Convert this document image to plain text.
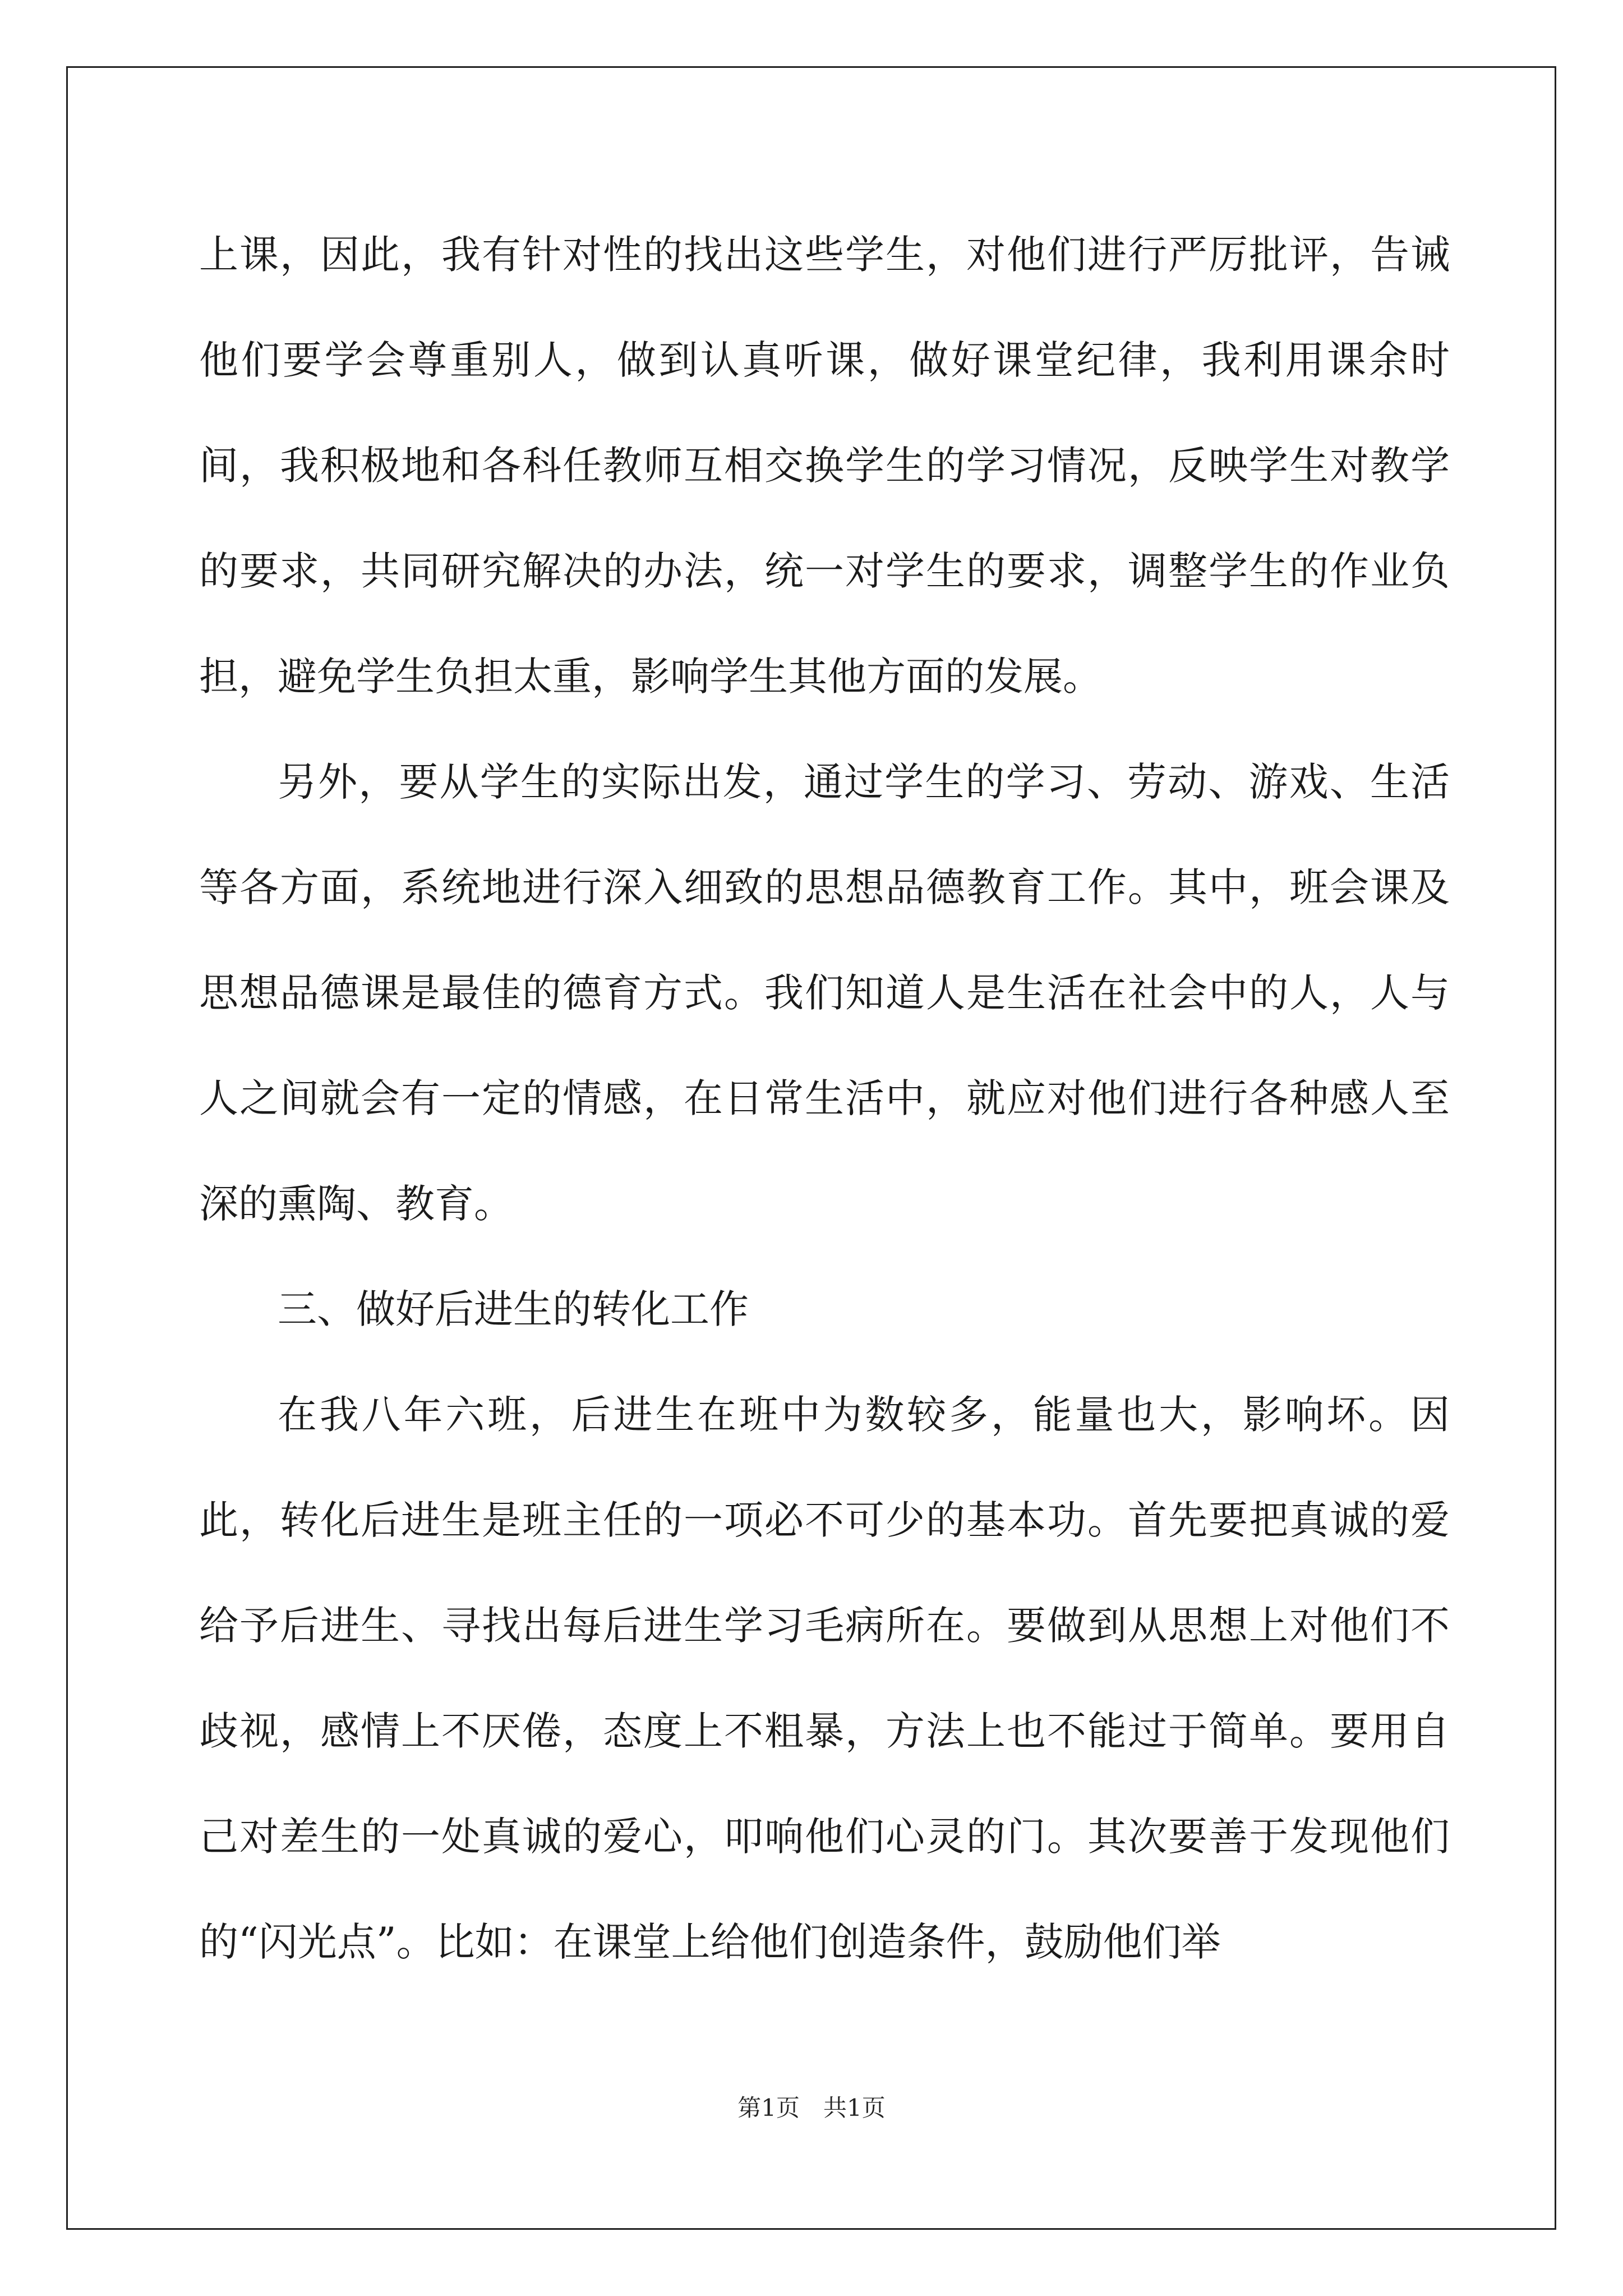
上课，因此，我有针对性的找出这些学生，对他们进行严厉批评，告诫他们要学会尊重别人，做到认真听课，做好课堂纪律，我利用课余时间，我积极地和各科任教师互相交换学生的学习情况，反映学生对教学的要求，共同研究解决的办法，统一对学生的要求，调整学生的作业负担，避免学生负担太重，影响学生其他方面的发展。

另外，要从学生的实际出发，通过学生的学习、劳动、游戏、生活等各方面，系统地进行深入细致的思想品德教育工作。其中，班会课及思想品德课是最佳的德育方式。我们知道人是生活在社会中的人，人与人之间就会有一定的情感，在日常生活中，就应对他们进行各种感人至深的熏陶、教育。

三、做好后进生的转化工作

在我八年六班，后进生在班中为数较多，能量也大，影响坏。因此，转化后进生是班主任的一项必不可少的基本功。首先要把真诚的爱给予后进生、寻找出每后进生学习毛病所在。要做到从思想上对他们不歧视，感情上不厌倦，态度上不粗暴，方法上也不能过于简单。要用自己对差生的一处真诚的爱心，叩响他们心灵的门。其次要善于发现他们的“闪光点”。比如：在课堂上给他们创造条件，鼓励他们举

第1页　共1页
